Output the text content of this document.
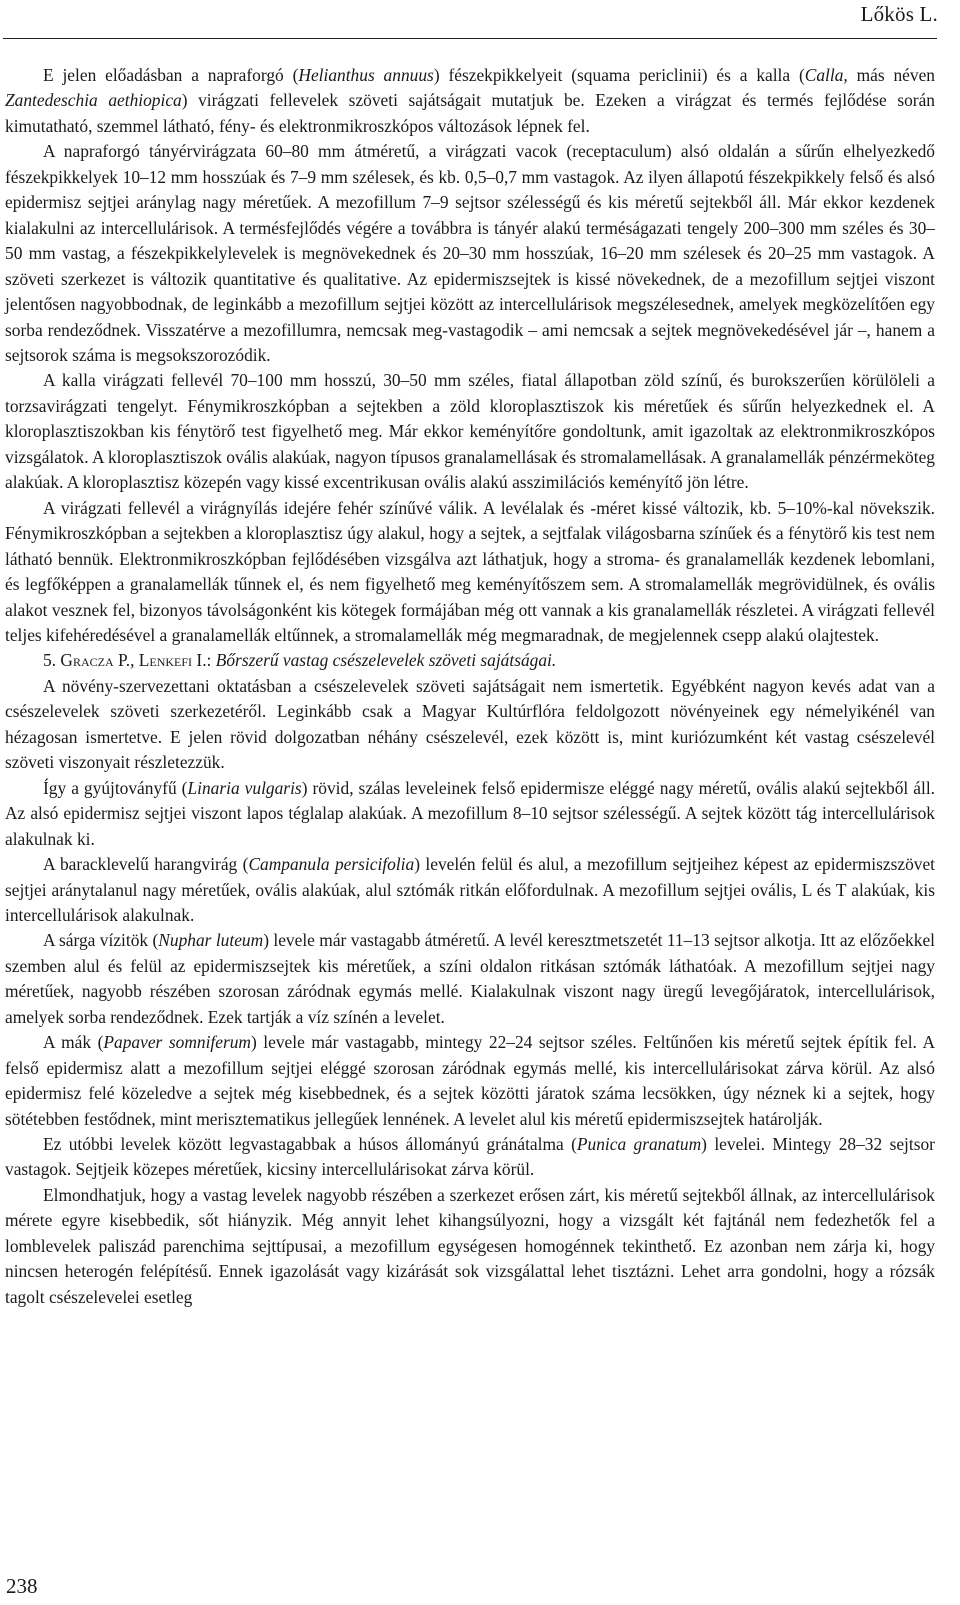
Lőkös L.

E jelen előadásban a napraforgó (Helianthus annuus) fészekpikkelyeit (squama periclinii) és a kalla (Calla, más néven Zantedeschia aethiopica) virágzati fellevelek szöveti sajátságait mutatjuk be. Ezeken a virágzat és termés fejlődése során kimutatható, szemmel látható, fény- és elektronmikroszkópos változások lépnek fel.

A napraforgó tányérvirágzata 60–80 mm átméretű, a virágzati vacok (receptaculum) alsó oldalán a sűrűn elhelyezkedő fészekpikkelyek 10–12 mm hosszúak és 7–9 mm szélesek, és kb. 0,5–0,7 mm vastagok. Az ilyen állapotú fészekpikkely felső és alsó epidermisz sejtjei aránylag nagy méretűek. A mezofillum 7–9 sejtsor szélességű és kis méretű sejtekből áll. Már ekkor kezdenek kialakulni az intercellulárisok. A termésfejlődés végére a továbbra is tányér alakú terméságazati tengely 200–300 mm széles és 30–50 mm vastag, a fészekpikkelylevelek is megnövekednek és 20–30 mm hosszúak, 16–20 mm szélesek és 20–25 mm vastagok. A szöveti szerkezet is változik quantitative és qualitative. Az epidermiszsejtek is kissé növekednek, de a mezofillum sejtjei viszont jelentősen nagyobbodnak, de leginkább a mezofillum sejtjei között az intercellulárisok megszélesednek, amelyek megközelítően egy sorba rendeződnek. Visszatérve a mezofillumra, nemcsak meg-vastagodik – ami nemcsak a sejtek megnövekedésével jár –, hanem a sejtsorok száma is megsokszorozódik.

A kalla virágzati fellevél 70–100 mm hosszú, 30–50 mm széles, fiatal állapotban zöld színű, és burokszerűen körülöleli a torzsavirágzati tengelyt. Fénymikroszkópban a sejtekben a zöld kloroplasztiszok kis méretűek és sűrűn helyezkednek el. A kloroplasztiszokban kis fénytörő test figyelhető meg. Már ekkor keményítőre gondoltunk, amit igazoltak az elektronmikroszkópos vizsgálatok. A kloroplasztiszok ovális alakúak, nagyon típusos granalamellásak és stromalamellásak. A granalamellák pénzérmeköteg alakúak. A kloroplasztisz közepén vagy kissé excentrikusan ovális alakú asszimilációs keményítő jön létre.

A virágzati fellevél a virágnyílás idejére fehér színűvé válik. A levélalak és -méret kissé változik, kb. 5–10%-kal növekszik. Fénymikroszkópban a sejtekben a kloroplasztisz úgy alakul, hogy a sejtek, a sejtfalak világosbarna színűek és a fénytörő kis test nem látható bennük. Elektronmikroszkópban fejlődésében vizsgálva azt láthatjuk, hogy a stroma- és granalamellák kezdenek lebomlani, és legfőképpen a granalamellák tűnnek el, és nem figyelhető meg keményítőszem sem. A stromalamellák megrövidülnek, és ovális alakot vesznek fel, bizonyos távolságonként kis kötegek formájában még ott vannak a kis granalamellák részletei. A virágzati fellevél teljes kifehéredésével a granalamellák eltűnnek, a stromalamellák még megmaradnak, de megjelennek csepp alakú olajtestek.

5. Gracza P., Lenkefi I.: Bőrszerű vastag csészelevelek szöveti sajátságai.

A növény-szervezettani oktatásban a csészelevelek szöveti sajátságait nem ismertetik. Egyébként nagyon kevés adat van a csészelevelek szöveti szerkezetéről. Leginkább csak a Magyar Kultúrflóra feldolgozott növényeinek egy némelyikénél van hézagosan ismertetve. E jelen rövid dolgozatban néhány csészelevél, ezek között is, mint kuriózumként két vastag csészelevél szöveti viszonyait részletezzük.

Így a gyújtoványfű (Linaria vulgaris) rövid, szálas leveleinek felső epidermisze eléggé nagy méretű, ovális alakú sejtekből áll. Az alsó epidermisz sejtjei viszont lapos téglalap alakúak. A mezofillum 8–10 sejtsor szélességű. A sejtek között tág intercellulárisok alakulnak ki.

A baracklevelű harangvirág (Campanula persicifolia) levelén felül és alul, a mezofillum sejtjeihez képest az epidermiszszövet sejtjei aránytalanul nagy méretűek, ovális alakúak, alul sztómák ritkán előfordulnak. A mezofillum sejtjei ovális, L és T alakúak, kis intercellulárisok alakulnak.

A sárga vízitök (Nuphar luteum) levele már vastagabb átméretű. A levél keresztmetszetét 11–13 sejtsor alkotja. Itt az előzőekkel szemben alul és felül az epidermiszsejtek kis méretűek, a színi oldalon ritkásan sztómák láthatóak. A mezofillum sejtjei nagy méretűek, nagyobb részében szorosan záródnak egymás mellé. Kialakulnak viszont nagy üregű levegőjáratok, intercellulárisok, amelyek sorba rendeződnek. Ezek tartják a víz színén a levelet.

A mák (Papaver somniferum) levele már vastagabb, mintegy 22–24 sejtsor széles. Feltűnően kis méretű sejtek építik fel. A felső epidermisz alatt a mezofillum sejtjei eléggé szorosan záródnak egymás mellé, kis intercellulárisokat zárva körül. Az alsó epidermisz felé közeledve a sejtek még kisebbednek, és a sejtek közötti járatok száma lecsökken, úgy néznek ki a sejtek, hogy sötétebben festődnek, mint merisztematikus jellegűek lennének. A levelet alul kis méretű epidermiszsejtek határolják.

Ez utóbbi levelek között legvastagabbak a húsos állományú gránátalma (Punica granatum) levelei. Mintegy 28–32 sejtsor vastagok. Sejtjeik közepes méretűek, kicsiny intercellulárisokat zárva körül.

Elmondhatjuk, hogy a vastag levelek nagyobb részében a szerkezet erősen zárt, kis méretű sejtekből állnak, az intercellulárisok mérete egyre kisebbedik, sőt hiányzik. Még annyit lehet kihangsúlyozni, hogy a vizsgált két fajtánál nem fedezhetők fel a lomblevelek paliszád parenchima sejttípusai, a mezofillum egységesen homogénnek tekinthető. Ez azonban nem zárja ki, hogy nincsen heterogén felépítésű. Ennek igazolását vagy kizárását sok vizsgálattal lehet tisztázni. Lehet arra gondolni, hogy a rózsák tagolt csészelevelei esetleg

238
